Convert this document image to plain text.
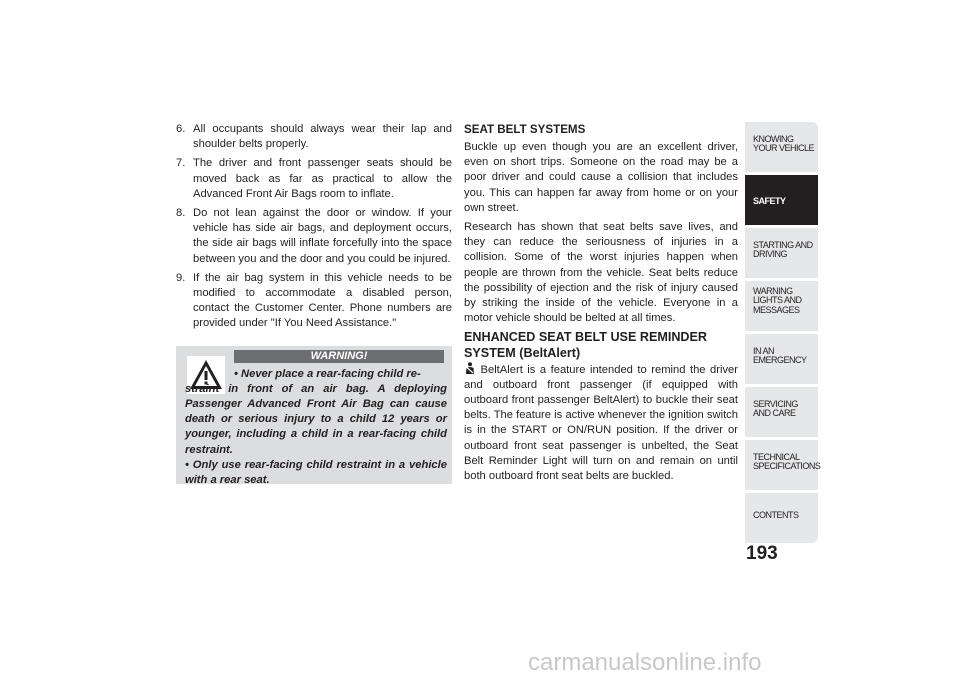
6. All occupants should always wear their lap and shoulder belts properly.
7. The driver and front passenger seats should be moved back as far as practical to allow the Advanced Front Air Bags room to inflate.
8. Do not lean against the door or window. If your vehicle has side air bags, and deployment occurs, the side air bags will inflate forcefully into the space between you and the door and you could be injured.
9. If the air bag system in this vehicle needs to be modified to accommodate a disabled person, contact the Customer Center. Phone numbers are provided under "If You Need Assistance."
WARNING!
• Never place a rear-facing child re-
straint in front of an air bag. A deploying Passenger Advanced Front Air Bag can cause death or serious injury to a child 12 years or younger, including a child in a rear-facing child restraint.
• Only use rear-facing child restraint in a vehicle with a rear seat.
SEAT BELT SYSTEMS

Buckle up even though you are an excellent driver, even on short trips. Someone on the road may be a poor driver and could cause a collision that includes you. This can happen far away from home or on your own street.

Research has shown that seat belts save lives, and they can reduce the seriousness of injuries in a collision. Some of the worst injuries happen when people are thrown from the vehicle. Seat belts reduce the possibility of ejection and the risk of injury caused by striking the inside of the vehicle. Everyone in a motor vehicle should be belted at all times.

ENHANCED SEAT BELT USE REMINDER SYSTEM (BeltAlert)

BeltAlert is a feature intended to remind the driver and outboard front passenger (if equipped with outboard front passenger BeltAlert) to buckle their seat belts. The feature is active whenever the ignition switch is in the START or ON/RUN position. If the driver or outboard front seat passenger is unbelted, the Seat Belt Reminder Light will turn on and remain on until both outboard front seat belts are buckled.

KNOWING YOUR VEHICLE
SAFETY
STARTING AND DRIVING
WARNING LIGHTS AND MESSAGES
IN AN EMERGENCY
SERVICING AND CARE
TECHNICAL SPECIFICATIONS
CONTENTS
193
carmanualsonline.info
